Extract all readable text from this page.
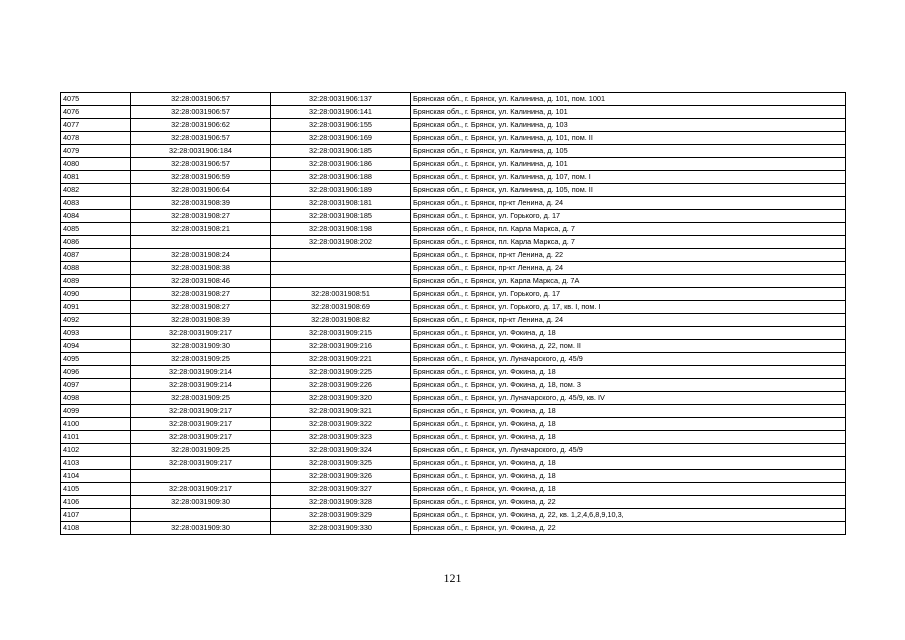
4075	32:28:0031906:57	32:28:0031906:137	Брянская обл., г. Брянск, ул. Калинина, д. 101, пом. 1001
4076	32:28:0031906:57	32:28:0031906:141	Брянская обл., г. Брянск, ул. Калинина, д. 101
4077	32:28:0031906:62	32:28:0031906:155	Брянская обл., г. Брянск, ул. Калинина, д. 103
4078	32:28:0031906:57	32:28:0031906:169	Брянская обл., г. Брянск, ул. Калинина, д. 101, пом. II
4079	32:28:0031906:184	32:28:0031906:185	Брянская обл., г. Брянск, ул. Калинина, д. 105
4080	32:28:0031906:57	32:28:0031906:186	Брянская обл., г. Брянск, ул. Калинина, д. 101
4081	32:28:0031906:59	32:28:0031906:188	Брянская обл., г. Брянск, ул. Калинина, д. 107, пом. I
4082	32:28:0031906:64	32:28:0031906:189	Брянская обл., г. Брянск, ул. Калинина, д. 105, пом. II
4083	32:28:0031908:39	32:28:0031908:181	Брянская обл., г. Брянск, пр-кт Ленина, д. 24
4084	32:28:0031908:27	32:28:0031908:185	Брянская обл., г. Брянск, ул. Горького, д. 17
4085	32:28:0031908:21	32:28:0031908:198	Брянская обл., г. Брянск, пл. Карла Маркса, д. 7
4086		32:28:0031908:202	Брянская обл., г. Брянск, пл. Карла Маркса, д. 7
4087	32:28:0031908:24		Брянская обл., г. Брянск, пр-кт Ленина, д. 22
4088	32:28:0031908:38		Брянская обл., г. Брянск, пр-кт Ленина, д. 24
4089	32:28:0031908:46		Брянская обл., г. Брянск, ул. Карла Маркса, д. 7А
4090	32:28:0031908:27	32:28:0031908:51	Брянская обл., г. Брянск, ул. Горького, д. 17
4091	32:28:0031908:27	32:28:0031908:69	Брянская обл., г. Брянск, ул. Горького, д. 17, кв. I, пом. I
4092	32:28:0031908:39	32:28:0031908:82	Брянская обл., г. Брянск, пр-кт Ленина, д. 24
4093	32:28:0031909:217	32:28:0031909:215	Брянская обл., г. Брянск, ул. Фокина, д. 18
4094	32:28:0031909:30	32:28:0031909:216	Брянская обл., г. Брянск, ул. Фокина, д. 22, пом. II
4095	32:28:0031909:25	32:28:0031909:221	Брянская обл., г. Брянск, ул. Луначарского, д. 45/9
4096	32:28:0031909:214	32:28:0031909:225	Брянская обл., г. Брянск, ул. Фокина, д. 18
4097	32:28:0031909:214	32:28:0031909:226	Брянская обл., г. Брянск, ул. Фокина, д. 18, пом. 3
4098	32:28:0031909:25	32:28:0031909:320	Брянская обл., г. Брянск, ул. Луначарского, д. 45/9, кв. IV
4099	32:28:0031909:217	32:28:0031909:321	Брянская обл., г. Брянск, ул. Фокина, д. 18
4100	32:28:0031909:217	32:28:0031909:322	Брянская обл., г. Брянск, ул. Фокина, д. 18
4101	32:28:0031909:217	32:28:0031909:323	Брянская обл., г. Брянск, ул. Фокина, д. 18
4102	32:28:0031909:25	32:28:0031909:324	Брянская обл., г. Брянск, ул. Луначарского, д. 45/9
4103	32:28:0031909:217	32:28:0031909:325	Брянская обл., г. Брянск, ул. Фокина, д. 18
4104		32:28:0031909:326	Брянская обл., г. Брянск, ул. Фокина, д. 18
4105	32:28:0031909:217	32:28:0031909:327	Брянская обл., г. Брянск, ул. Фокина, д. 18
4106	32:28:0031909:30	32:28:0031909:328	Брянская обл., г. Брянск, ул. Фокина, д. 22
4107		32:28:0031909:329	Брянская обл., г. Брянск, ул. Фокина, д. 22, кв. 1,2,4,6,8,9,10,3,
4108	32:28:0031909:30	32:28:0031909:330	Брянская обл., г. Брянск, ул. Фокина, д. 22
121
